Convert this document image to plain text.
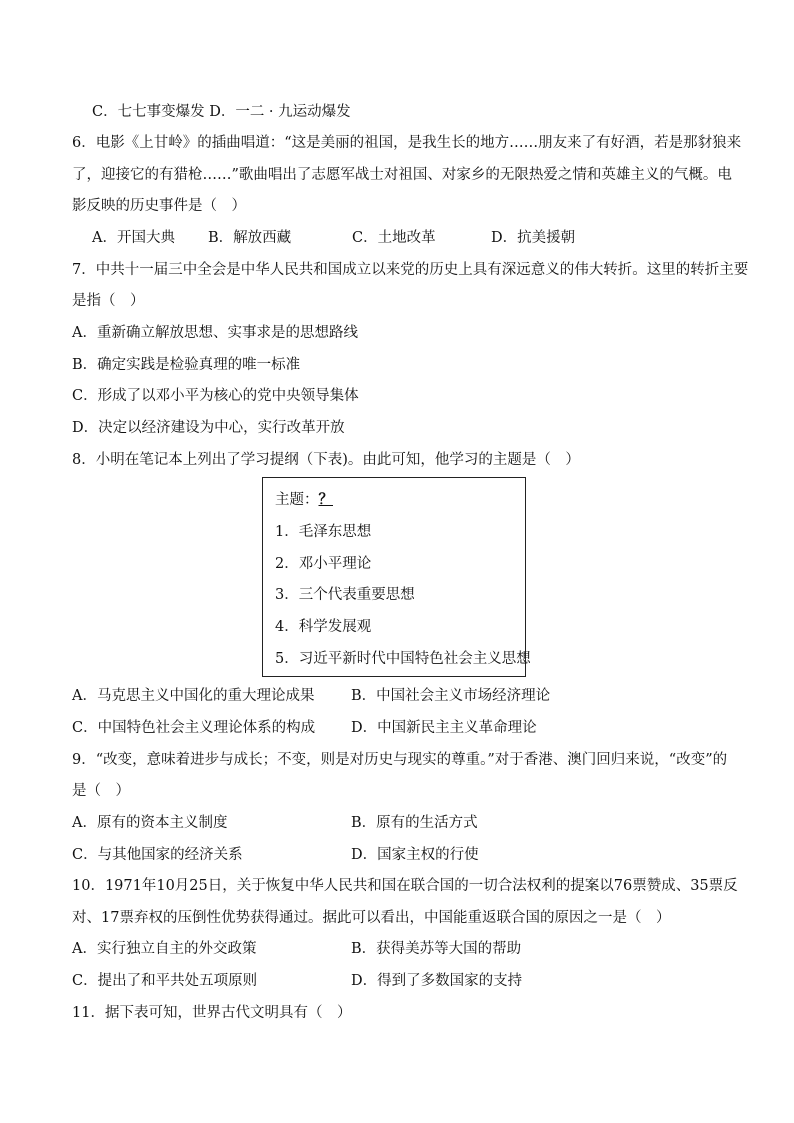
C．七七事变爆发 D．一二 · 九运动爆发
6．电影《上甘岭》的插曲唱道：“这是美丽的祖国，是我生长的地方……朋友来了有好酒，若是那豺狼来
了，迎接它的有猎枪……”歌曲唱出了志愿军战士对祖国、对家乡的无限热爱之情和英雄主义的气概。电
影反映的历史事件是（　）
A．开国大典 B．解放西藏	C．土地改革	D．抗美援朝
7．中共十一届三中全会是中华人民共和国成立以来党的历史上具有深远意义的伟大转折。这里的转折主要
是指（　）
A．重新确立解放思想、实事求是的思想路线
B．确定实践是检验真理的唯一标准
C．形成了以邓小平为核心的党中央领导集体
D．决定以经济建设为中心，实行改革开放
8．小明在笔记本上列出了学习提纲（下表)。由此可知，他学习的主题是（　）
主题：？
1．毛泽东思想
2．邓小平理论
3．三个代表重要思想
4．科学发展观
5．习近平新时代中国特色社会主义思想
A．马克思主义中国化的重大理论成果	B．中国社会主义市场经济理论
C．中国特色社会主义理论体系的构成 D．中国新民主主义革命理论
9．“改变，意味着进步与成长；不变，则是对历史与现实的尊重。”对于香港、澳门回归来说，“改变”的
是（　）
A．原有的资本主义制度	B．原有的生活方式
C．与其他国家的经济关系	D．国家主权的行使
10．1971年10月25日，关于恢复中华人民共和国在联合国的一切合法权利的提案以76票赞成、35票反
对、17票弃权的压倒性优势获得通过。据此可以看出，中国能重返联合国的原因之一是（　）
A．实行独立自主的外交政策	B．获得美苏等大国的帮助
C．提出了和平共处五项原则	D．得到了多数国家的支持
11．据下表可知，世界古代文明具有（　）
